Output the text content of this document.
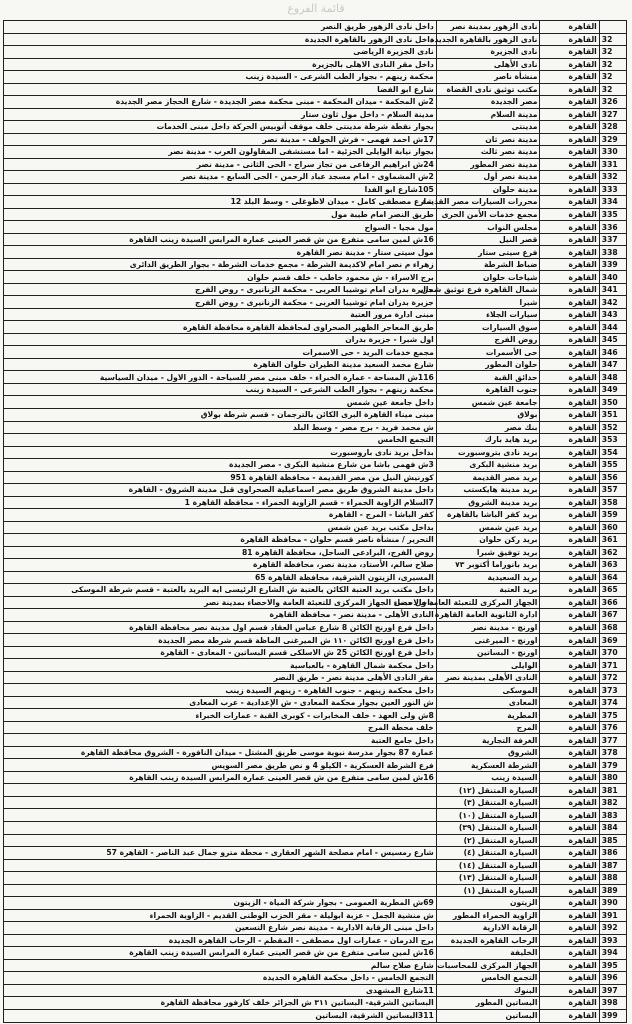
قائمة الفروع
داخل نادى الزهور طريق النصر	نادى الزهور بمدينة نصر	القاهرة	
داخل نادى الزهور بالقاهرة الجديدة	نادى الزهور بالقاهرة الجديدة	القاهرة	32
نادى الجزيرة الرياضى	نادى الجزيرة	القاهرة	32
داخل مقر النادى الاهلى بالجزيرة	نادى الأهلى	القاهرة	32
محكمة زينهم - بجوار الطب الشرعى - السيدة زينب	منشأة ناصر	القاهرة	32
شارع ابو الفضا	مكتب توثيق نادى القضاة	القاهرة	32
2ش المحكمة - ميدان المحكمة - مبنى محكمة مصر الجديدة - شارع الحجاز مصر الجديدة	مصر الجديدة	القاهرة	326
مدينة السلام - داخل مول ثاون ستار	مدينة السلام	القاهرة	327
بجوار نقطة شرطة مدينتى خلف موقف أتوبيس الحركة داخل مبنى الخدمات	مدينتى	القاهرة	328
17ش احمد فهمى - فرش الجولف - مدينة نصر	مدينة نصر ثان	القاهرة	329
بجوار نيابة الوايلى الجزئية - اما مستشفى المقاولون العرب - مدينة نصر	مدينة نصر ثالث	القاهرة	330
24ش ابراهيم الرفاعى من تجاز سراج - الحى الثانى - مدينة نصر	مدينة نصر المطور	القاهرة	331
2ش المشماوى - امام مسجد عباد الرحمن - الحى السابع - مدينة نصر	مدينة نصر أول	القاهرة	332
105شارع ابو الفدا	مدينة حلوان	القاهرة	333
شارع مصطفى كامل - ميدان لاظوغلى - وسط البلد 12	محررات السيارات مصر القديمة	القاهرة	334
طريق النصر امام طيبة مول	مجمع خدمات الأمن الحرى	القاهرة	335
مول مجيا - السواح	مجلس النواب	القاهرة	336
16ش لمين سامى متفرع من ش قصر العينى عمارة المرابس السيدة زينب القاهرة	قصر النيل	القاهرة	337
مول سيتى ستار - مدينة نصر القاهرة	فرع سيتى ستار	القاهرة	338
زهراء م نصر امام لاكديمة الشرطة - مجمع خدمات الشرطة - بجوار الطريق الدائرى	ضباط الشرطة	القاهرة	339
برج الاسراء - ش محمود خاطب - خلف قسم حلوان	شياخات حلوان	القاهرة	340
جزيرة بدران امام توشيبا العربى - محكمة الزنانيرى - روض الفرج	شمال القاهرة فرع توثيق شمال	القاهرة	341
جزيرة بدران امام توشيبا العربى - محكمة الزنانيرى - روض الفرج	شبرا	القاهرة	342
مبنى ادارة مرور العتبة	سيارات الجلاء	القاهرة	343
طريق المعاجر الظهير الصحراوى لمحافظة القاهرة محافظة القاهرة	سوق السيارات	القاهرة	344
اول شبرا - جزيرة بدران	روض الفرج	القاهرة	345
مجمع خدمات البريد - حى الاسمرات	حى الأسمرات	القاهرة	346
شارع محمد السعيد مدينة الطيران حلوان القاهرة	حلوان المطور	القاهرة	347
116ش المساحة - عمارة الخبراء - خلف مبنى مصر للسياحة - الدور الاول - ميدان السياسية	حدائق القبة	القاهرة	348
محكمة زينهم - بجوار الطب الشرعى - السيدة زينب	جنوب القاهرة	القاهرة	349
داخل جامعة عين شمس	جامعة عين شمس	القاهرة	350
مبنى ميناء القاهرة البرى الكائن بالترجمان - قسم شرطة بولاق	بولاق	القاهرة	351
ش محمد فريد - برج مصر - وسط البلد	بنك مصر	القاهرة	352
التجمع الخامس	بريد هايد بارك	القاهرة	353
بداخل بريد نادى باروسبورت	بريد نادى بتروسبورت	القاهرة	354
3ش فهمى باشا من شارع منشية البكرى - مصر الجديدة	بريد منشية البكرى	القاهرة	355
كورنيش النيل من مصر القديمة - محافظة القاهرة 951	بريد مصر القديمة	القاهرة	356
داخل مدينة الشروق طريق مصر اسماعيلية الصحراوى قبل مدينة الشروق - القاهرة	بريد مدينة هايكستب	القاهرة	357
7السلام الزاوية الحمراء - قسم الزاوية الحمراء - محافظة القاهرة 1	بريد مدينة الشروق	القاهرة	358
كفر الباشا - المرج - القاهرة	بريد كفر الباشا بالقاهرة	القاهرة	359
بداخل مكتب بريد عين شمس	بريد عين شمس	القاهرة	360
التحرير / منشأة ناصر قسم حلوان - محافظة القاهرة	بريد ركن حلوان	القاهرة	361
روض الفرج، البرادعى الساحل، محافظة القاهرة 81	بريد توفيق شبرا	القاهرة	362
صلاح سالم، الأستاد، مدينة نصر، محافظة القاهرة	بريد بانوراما أكتوبر ٧٣	القاهرة	363
المسيرى، الزيتون الشرقية، محافظة القاهرة 65	بريد السعيدية	القاهرة	364
داخل مكتب بريد العتبة الكائن بالعتبة ش الشارع الرئيسى ايه البريد بالعتبة - قسم شرطة الموسكى	بريد العتبة	القاهرة	365
داخل مبنى الجهاز المركزى للتعبئة العامة والاحصاء بمدينة نصر	الجهاز المركزى للتعبئة العامة والاحصاء	القاهرة	366
النادى الأهلى - مدينة نصر - محافظة القاهرة	ادارة الثانوية العامة القاهرة	القاهرة	367
داخل فرع اورنج الكائن 8 شارع عباس العقاد قسم اول مدينة نصر محافظة القاهرة	اورنچ - مدينة نصر	القاهرة	368
داخل فرع اورنج الكائن ١١٠ ش الميرغنى الماظة قسم شرطة مصر الجديدة	اورنچ - الميرغنى	القاهرة	369
داخل فرع اورنج الكائن 25 ش الاسلكى قسم البساتين - المعادى - القاهرة	اورنچ - البساتين	القاهرة	370
داخل محكمة شمال القاهرة - بالعباسية	الوايلى	القاهرة	371
مقر النادى الأهلى مدينة نصر - طريق النصر	النادى الأهلى بمدينة نصر	القاهرة	372
داخل محكمة زينهم - جنوب القاهرة - زينهم السيدة زينب	الموسكى	القاهرة	373
ش النور العين بجوار محكمة المعادى - ش الإعدادية - عرب المعادى	المعادى	القاهرة	374
8ش ولى العهد - خلف المخابرات - كوبرى القبة - عمارات الخبراء	المطرية	القاهرة	375
خلف محطة المرج	المرج	القاهرة	376
داخل جامع العتبة	الغرفة التجارية	القاهرة	377
عمارة 87 بجوار مدرسة نبوية موسى طريق المشتل - ميدان النافورة - الشروق محافظة القاهرة	الشروق	القاهرة	378
فرع الشرطة العسكرية - الكيلو 4 و نص طريق مصر السويس	الشرطة العسكرية	القاهرة	379
16ش لمين سامى متفرع من ش قصر العينى عمارة المرابس السيدة زينب القاهرة	السيدة زينب	القاهرة	380
	السيارة المتنقل (١٢)	القاهرة	381
	السيارة المتنقل (٣)	القاهرة	382
	السيارة المتنقل (١٠)	القاهرة	383
	السيارة المتنقل (٣٩)	القاهرة	384
	السيارة المتنقل (٢)	القاهرة	385
شارع رمسيس - امام مصلحة الشهر العقارى - محطة مترو جمال عبد الناصر - القاهرة 57	السيارة المتنقل (٤)	القاهرة	386
	السيارة المتنقل (١٤)	القاهرة	387
	السيارة المتنقل (١٣)	القاهرة	388
	السيارة المتنقل (١)	القاهرة	389
69ش المطرية العمومى - بجوار شركة المياة - الزيتون	الزيتون	القاهرة	390
ش منشية الجمل - عزبة ابوليلة - مقر الحزب الوطنى القديم - الزاوية الحمراء	الزاوية الحمراء المطور	القاهرة	391
داخل مبنى الرقابة الادارية - مدينة نصر شارع التسعين	الرقابة الادارية	القاهرة	392
برج الدرمان - عمارات اول مصطفى - المقطم - الرحاب القاهرة الجديدة	الرحاب القاهرة الجديدة	القاهرة	393
16ش لمين سامى متفرع من ش قصر العينى عمارة المرابس السيدة زينب القاهرة	الخليفة	القاهرة	394
شارع صلاح سالم	الجهاز المركزى للمحاسبات	القاهرة	395
التجمع الخامس - داخل محكمة القاهرة الجديدة	التجمع الخامس	القاهرة	396
11شارع المشهدى	البنوك	القاهرة	397
البساتين الشرقية- البساتين ٣١١ ش الجزائر خلف كارفور محافظة القاهرة	البساتين المطور	القاهرة	398
311البساتين الشرقية، البساتين	البساتين	القاهرة	399
